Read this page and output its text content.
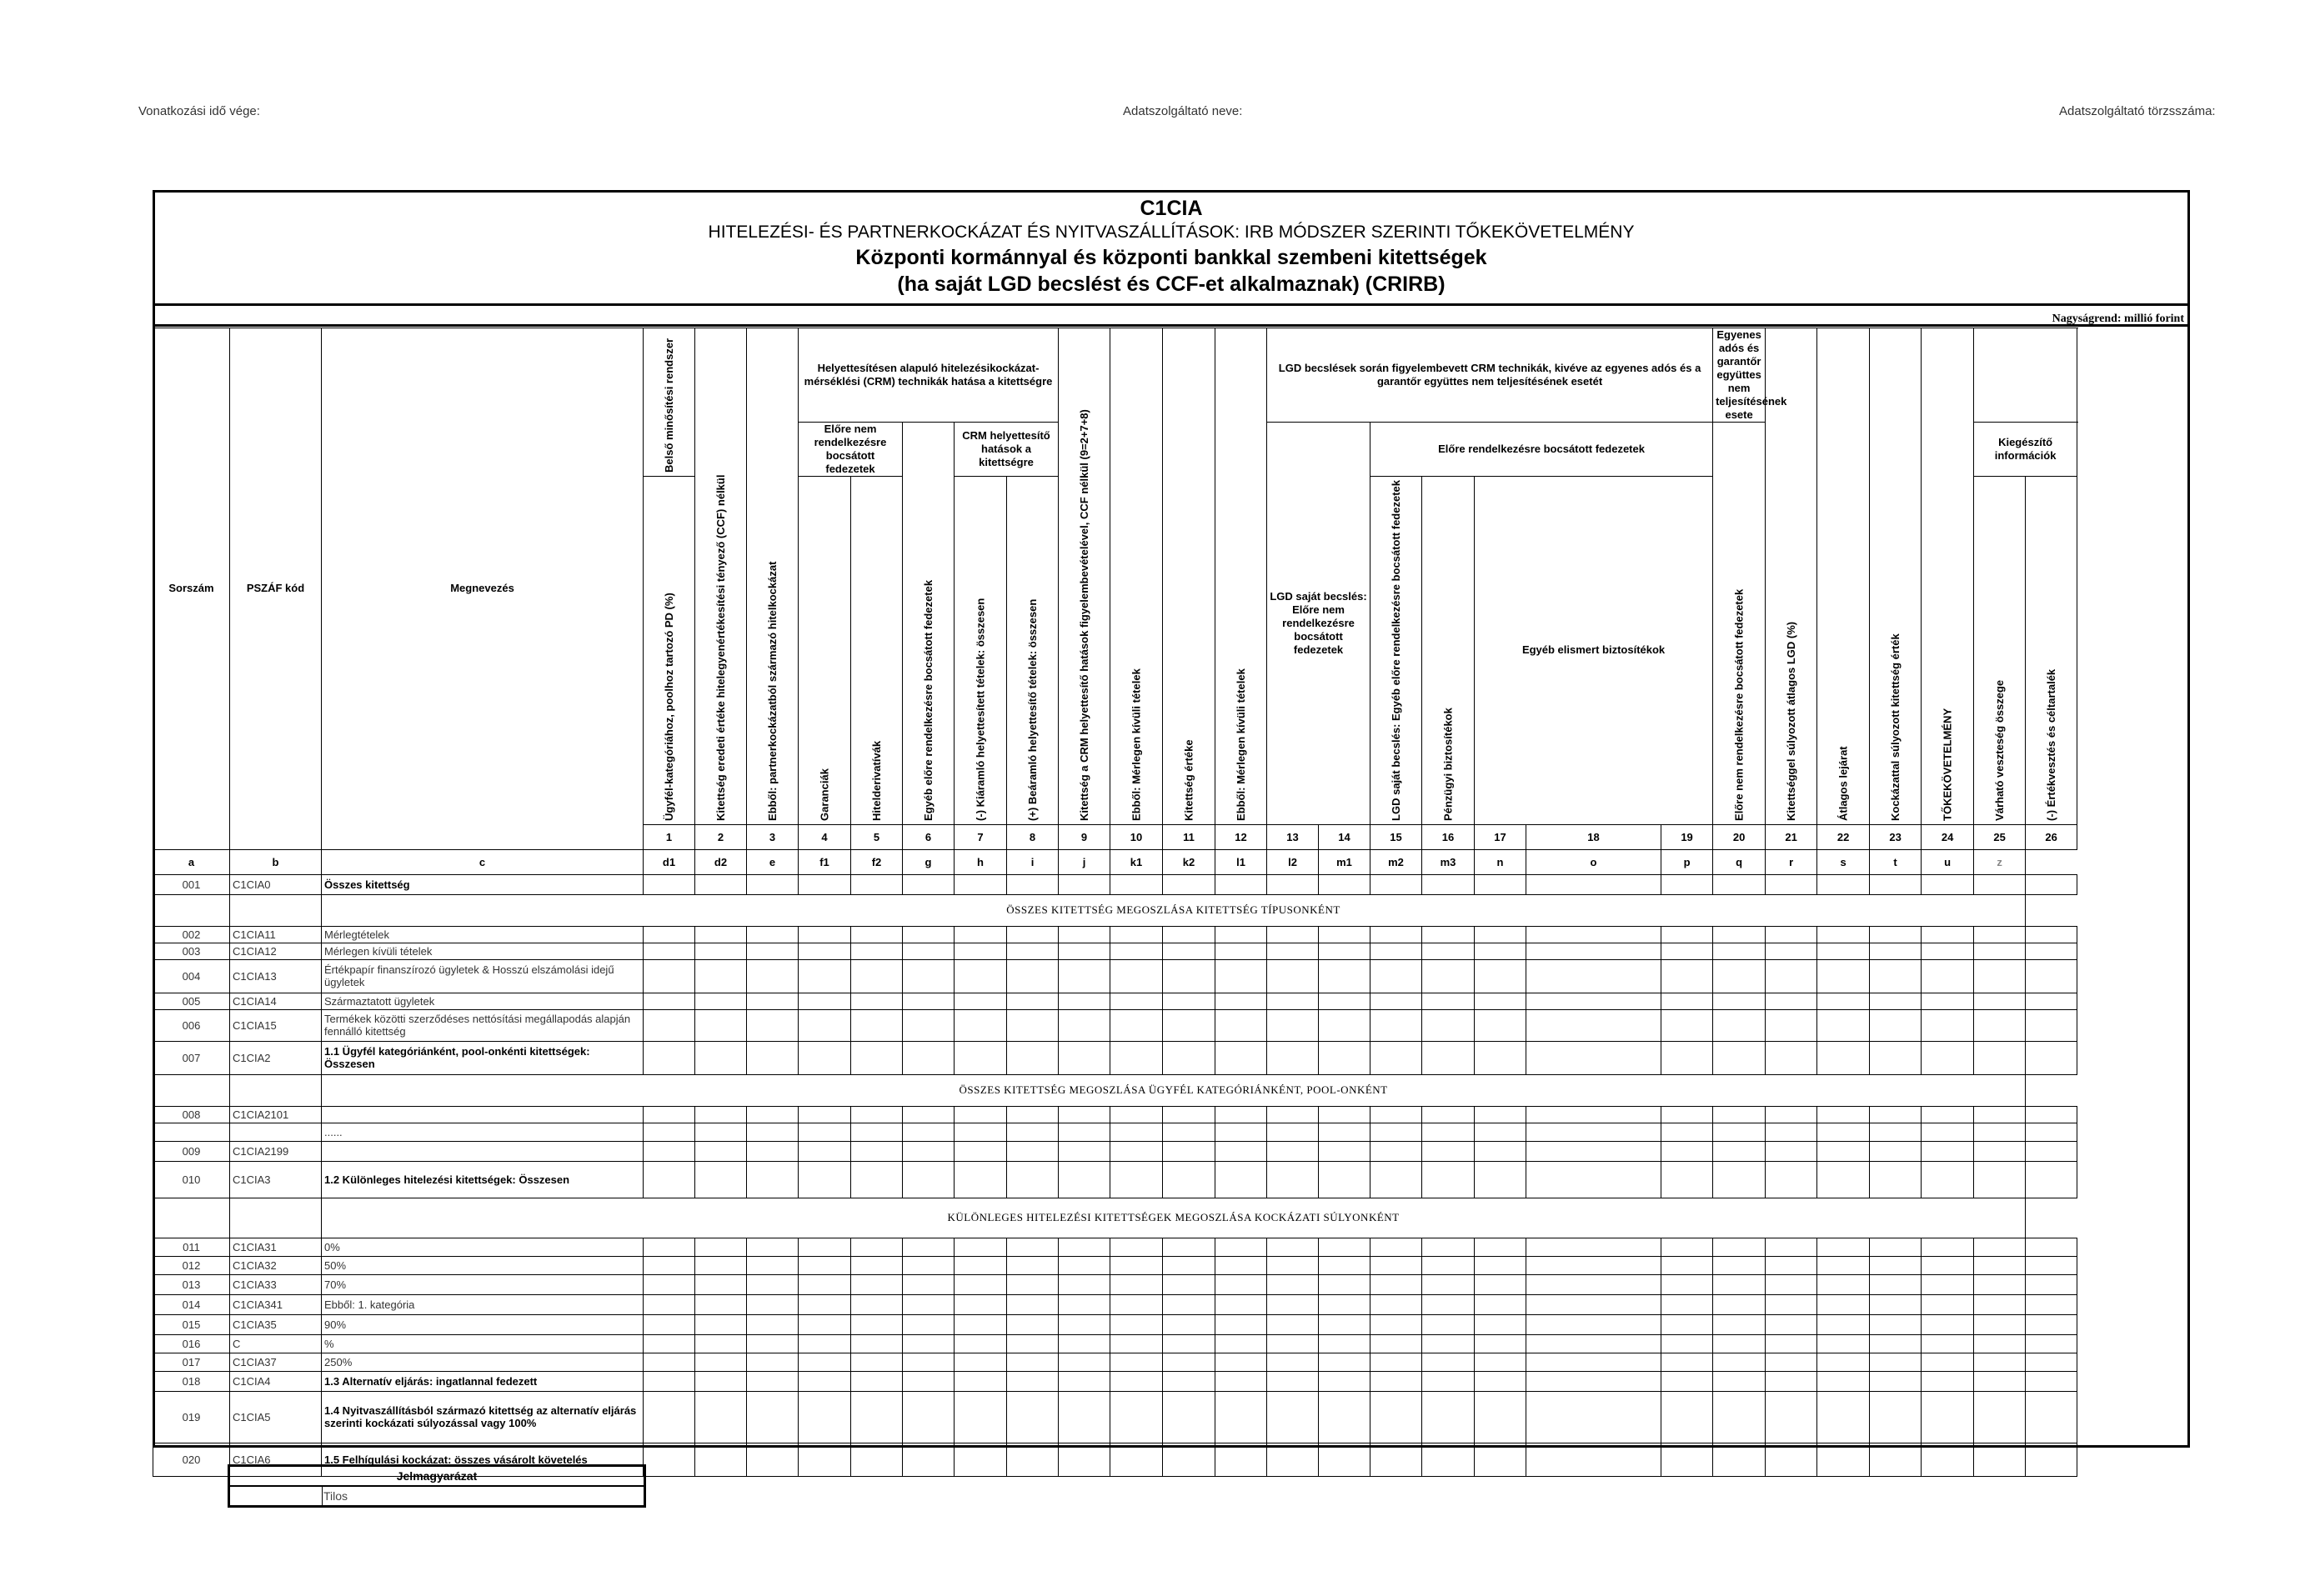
Vonatkozási idő vége:	Adatszolgáltató neve:	Adatszolgáltató törzsszáma:
C1CIA
HITELEZÉSI- ÉS PARTNERKOCKÁZAT ÉS NYITVASZÁLLÍTÁSOK: IRB MÓDSZER SZERINTI TŐKEKÖVETELMÉNY
Központi kormánnyal és központi bankkal szembeni kitettségek
(ha saját LGD becslést és CCF-et alkalmaznak) (CRIRB)
Nagyságrend: millió forint
Sorszám	PSZÁF kód	Megnevezés	Belső minősítési rendszer	Kitettség eredeti értéke hitelegyenértékesítési tényező (CCF) nélkül	Ebből: partnerkockázatból származó hitelkockázat	Helyettesítésen alapuló hitelezésikockázat-mérséklési (CRM) technikák hatása a kitettségre					Kitettség a CRM helyettesítő hatások figyelembevételével, CCF nélkül (9=2+7+8)	Ebből: Mérlegen kívüli tételek	Kitettség értéke	Ebből: Mérlegen kívüli tételek	LGD becslések során figyelembevett CRM technikák, kivéve az egyenes adós és a garantőr együttes nem teljesítésének esetét							Egyenes adós és garantőr együttes nem teljesítésének esete	Kitettséggel súlyozott átlagos LGD (%)	Átlagos lejárat	Kockázattal súlyozott kitettség érték	TŐKEKÖVETELMÉNY		
						Előre nem rendelkezésre bocsátott fedezetek		Egyéb előre rendelkezésre bocsátott fedezetek	CRM helyettesítő hatások a kitettségre						LGD saját becslés: Előre nem rendelkezésre bocsátott fedezetek		Előre rendelkezésre bocsátott fedezetek					Előre nem rendelkezésre bocsátott fedezetek					Kiegészítő információk		
			Ügyfél-kategóriához, poolhoz tartozó PD (%)			Garanciák	Hitelderivatívák		(-) Kiáramló helyettesített tételek: összesen	(+) Beáramló helyettesítő tételek: összesen							LGD saját becslés: Egyéb előre rendelkezésre bocsátott fedezetek	Pénzügyi biztosítékok	Egyéb elismert biztosítékok								Várható veszteség összege	(-) Értékvesztés és céltartalék	

			1	2	3	4	5	6	7	8	9	10	11	12	13	14	15	16	17	18	19	20	21	22	23	24	25	26		
a	b	c	d1	d2	e	f1	f2	g	h	i	j	k1	k2	l1	l2	m1	m2	m3	n	o	p	q	r	s	t	u	z		
001	C1CIA0	Összes kitettség																											
		ÖSSZES KITETTSÉG MEGOSZLÁSA KITETTSÉG TÍPUSONKÉNT																											
002	C1CIA11	Mérlegtételek																											
003	C1CIA12	Mérlegen kívüli tételek																											
004	C1CIA13	Értékpapír finanszírozó ügyletek & Hosszú elszámolási idejű ügyletek																											
005	C1CIA14	Származtatott ügyletek																											
006	C1CIA15	Termékek közötti szerződéses nettósítási megállapodás alapján fennálló kitettség																											
007	C1CIA2	1.1 Ügyfél kategóriánként, pool-onkénti kitettségek: Összesen																											
		ÖSSZES KITETTSÉG MEGOSZLÁSA ÜGYFÉL KATEGÓRIÁNKÉNT, POOL-ONKÉNT																											
008	C1CIA2101																												
		......																											
009	C1CIA2199																												
010	C1CIA3	1.2 Különleges hitelezési kitettségek: Összesen																											
		KÜLÖNLEGES HITELEZÉSI KITETTSÉGEK MEGOSZLÁSA KOCKÁZATI SÚLYONKÉNT																											
011	C1CIA31	0%																											
012	C1CIA32	50%																											
013	C1CIA33	70%																											
014	C1CIA341	Ebből: 1. kategória																											
015	C1CIA35	90%																											
016	C	%																											
017	C1CIA37	250%																											
018	C1CIA4	1.3 Alternatív eljárás: ingatlannal fedezett																											
019	C1CIA5	1.4 Nyitvaszállításból származó kitettség az alternatív eljárás szerinti kockázati súlyozással vagy 100%																											
020	C1CIA6	1.5 Felhígulási kockázat: összes vásárolt követelés																											
Jelmagyarázat
Tilos
